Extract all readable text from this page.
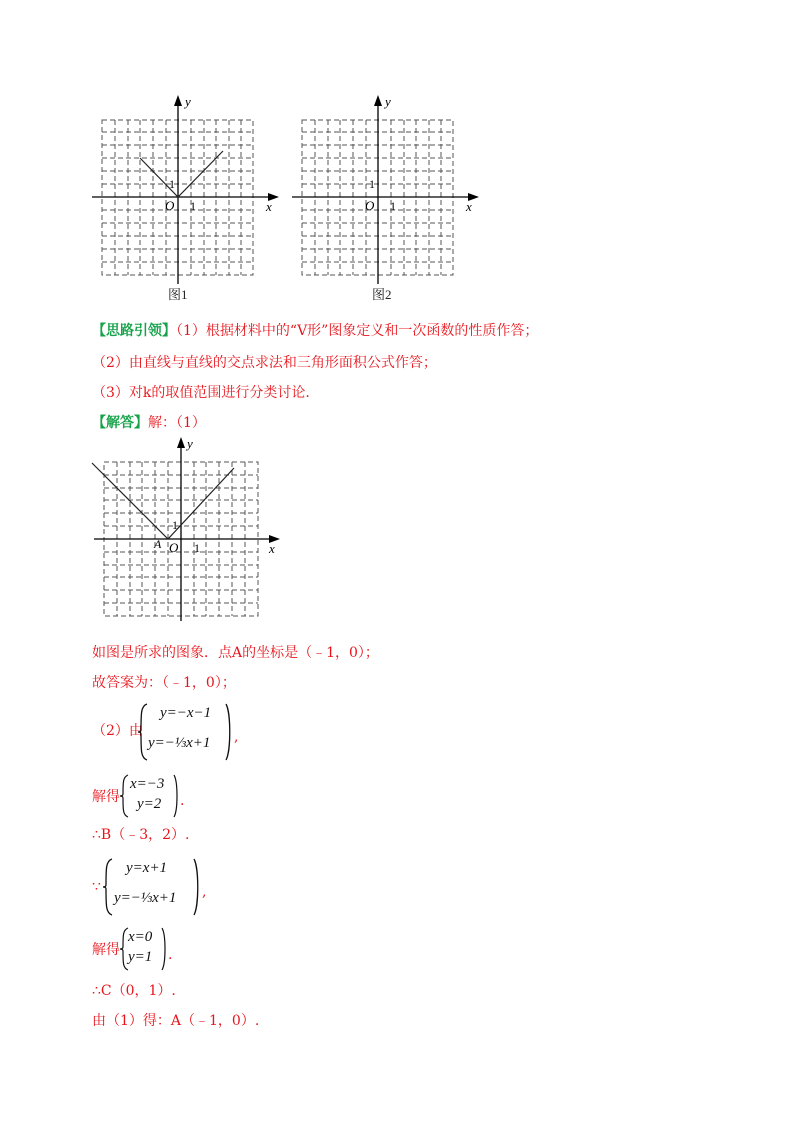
y
x
O 1
1
图1
y
x
O 1
1
图2
【思路引领】（1）根据材料中的“V形”图象定义和一次函数的性质作答；
（2）由直线与直线的交点求法和三角形面积公式作答；
（3）对k的取值范围进行分类讨论.
【解答】解：（1）
y
x
O
A	1
1
如图是所求的图象．点A的坐标是（﹣1，0）；
故答案为：（﹣1，0）；
（2）由
y=−x−1
y=−⅓x+1 ,
解得
x=−3
y=2 .
∴B（﹣3，2）.
∵
y=x+1
y=−⅓x+1 ,
解得
x=0
y=1 .
∴C（0，1）.
由（1）得：A（﹣1，0）.
